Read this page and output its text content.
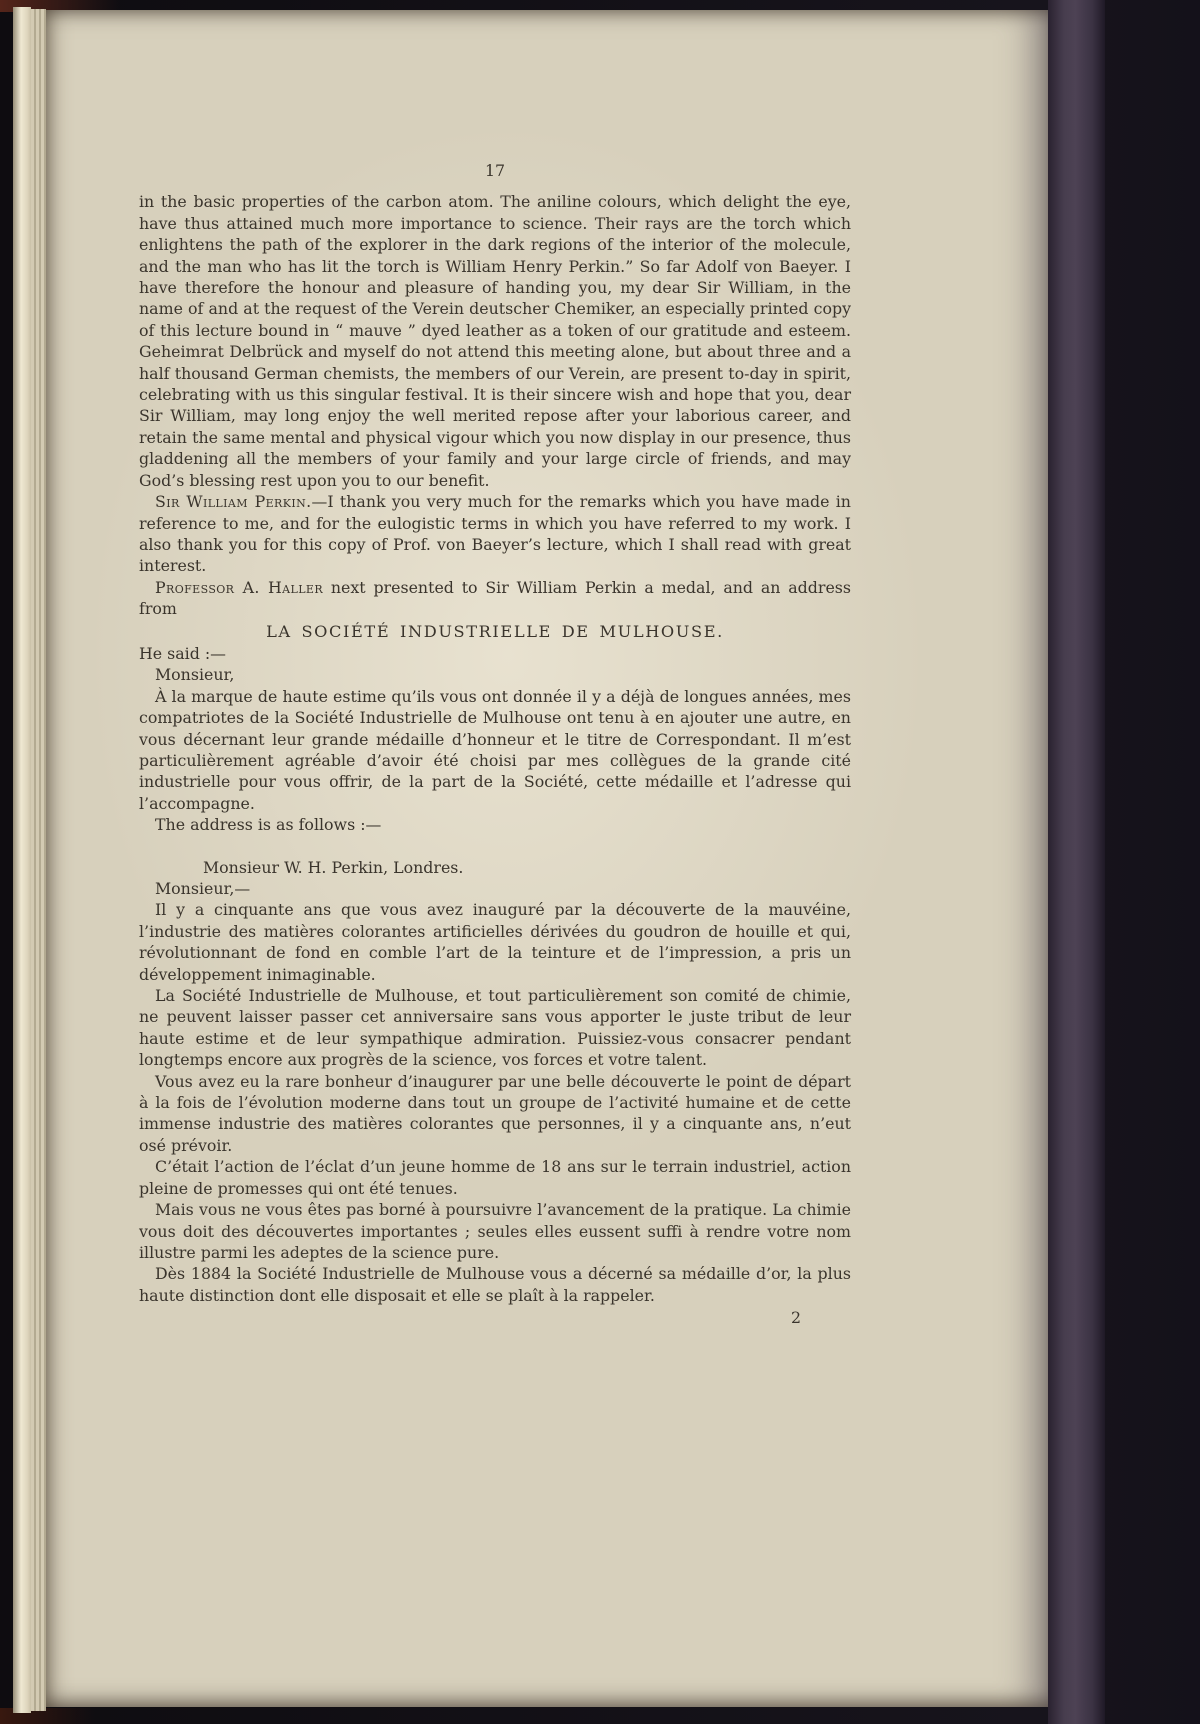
17

in the basic properties of the carbon atom. The aniline colours, which delight the eye, have thus attained much more importance to science. Their rays are the torch which enlightens the path of the explorer in the dark regions of the interior of the molecule, and the man who has lit the torch is William Henry Perkin.” So far Adolf von Baeyer. I have therefore the honour and pleasure of handing you, my dear Sir William, in the name of and at the request of the Verein deutscher Chemiker, an especially printed copy of this lecture bound in “ mauve ” dyed leather as a token of our gratitude and esteem. Geheimrat Delbrück and myself do not attend this meeting alone, but about three and a half thousand German chemists, the members of our Verein, are present to-day in spirit, celebrating with us this singular festival. It is their sincere wish and hope that you, dear Sir William, may long enjoy the well merited repose after your laborious career, and retain the same mental and physical vigour which you now display in our presence, thus gladdening all the members of your family and your large circle of friends, and may God’s blessing rest upon you to our benefit.

Sir William Perkin.—I thank you very much for the remarks which you have made in reference to me, and for the eulogistic terms in which you have referred to my work. I also thank you for this copy of Prof. von Baeyer’s lecture, which I shall read with great interest.

Professor A. Haller next presented to Sir William Perkin a medal, and an address from

LA SOCIÉTÉ INDUSTRIELLE DE MULHOUSE.

He said :—

Monsieur,

À la marque de haute estime qu’ils vous ont donnée il y a déjà de longues années, mes compatriotes de la Société Industrielle de Mulhouse ont tenu à en ajouter une autre, en vous décernant leur grande médaille d’honneur et le titre de Correspondant. Il m’est particulièrement agréable d’avoir été choisi par mes collègues de la grande cité industrielle pour vous offrir, de la part de la Société, cette médaille et l’adresse qui l’accompagne.

The address is as follows :—

Monsieur W. H. Perkin, Londres.

Monsieur,—

Il y a cinquante ans que vous avez inauguré par la découverte de la mauvéine, l’industrie des matières colorantes artificielles dérivées du goudron de houille et qui, révolutionnant de fond en comble l’art de la teinture et de l’impression, a pris un développement inimaginable.

La Société Industrielle de Mulhouse, et tout particulièrement son comité de chimie, ne peuvent laisser passer cet anniversaire sans vous apporter le juste tribut de leur haute estime et de leur sympathique admiration. Puissiez-vous consacrer pendant longtemps encore aux progrès de la science, vos forces et votre talent.

Vous avez eu la rare bonheur d’inaugurer par une belle découverte le point de départ à la fois de l’évolution moderne dans tout un groupe de l’activité humaine et de cette immense industrie des matières colorantes que personnes, il y a cinquante ans, n’eut osé prévoir.

C’était l’action de l’éclat d’un jeune homme de 18 ans sur le terrain industriel, action pleine de promesses qui ont été tenues.

Mais vous ne vous êtes pas borné à poursuivre l’avancement de la pratique. La chimie vous doit des découvertes importantes ; seules elles eussent suffi à rendre votre nom illustre parmi les adeptes de la science pure.

Dès 1884 la Société Industrielle de Mulhouse vous a décerné sa médaille d’or, la plus haute distinction dont elle disposait et elle se plaît à la rappeler.

2
